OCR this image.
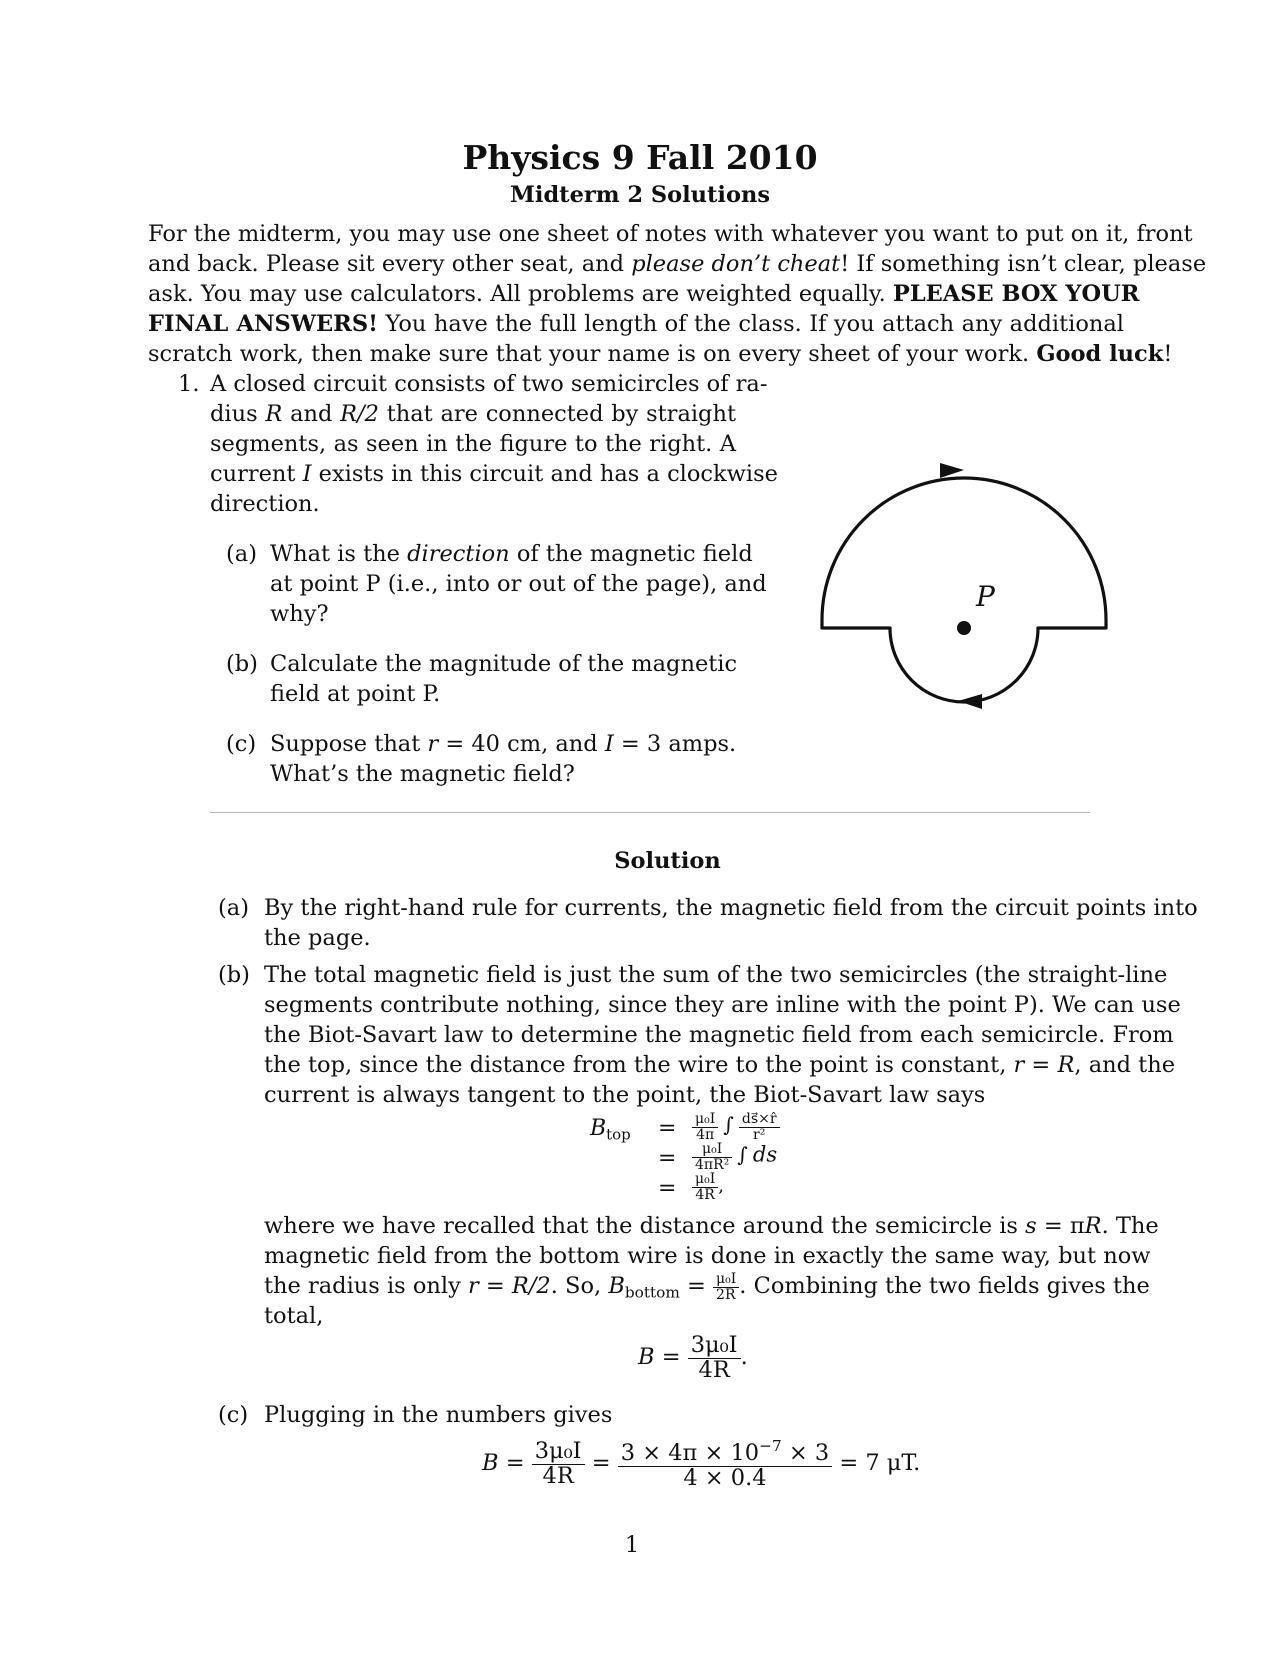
Physics 9 Fall 2010
Midterm 2 Solutions
For the midterm, you may use one sheet of notes with whatever you want to put on it, front
and back. Please sit every other seat, and please don’t cheat! If something isn’t clear, please
ask. You may use calculators. All problems are weighted equally. PLEASE BOX YOUR
FINAL ANSWERS! You have the full length of the class. If you attach any additional
scratch work, then make sure that your name is on every sheet of your work. Good luck!
1. A closed circuit consists of two semicircles of ra-
dius R and R/2 that are connected by straight
segments, as seen in the figure to the right. A
current I exists in this circuit and has a clockwise
direction.
(a) What is the direction of the magnetic field
at point P (i.e., into or out of the page), and
why?
(b) Calculate the magnitude of the magnetic
field at point P.
(c) Suppose that r = 40 cm, and I = 3 amps.
What’s the magnetic field?
P
Solution
(a) By the right-hand rule for currents, the magnetic field from the circuit points into
the page.
(b) The total magnetic field is just the sum of the two semicircles (the straight-line
segments contribute nothing, since they are inline with the point P). We can use
the Biot-Savart law to determine the magnetic field from each semicircle. From
the top, since the distance from the wire to the point is constant, r = R, and the
current is always tangent to the point, the Biot-Savart law says
$B_{top}$ =
=
=
$\frac{\text{μ₀I}}{4\pi}$ ∫ $\frac{ds⃗\times r̂}{\text{r²}}$
$\frac{\text{μ₀I}}{\text{4πR²}}$ ∫ ds
$\frac{\text{μ₀I}}{4R}$ ,
where we have recalled that the distance around the semicircle is s = πR. The
magnetic field from the bottom wire is done in exactly the same way, but now
the radius is only r = R/2. So, $B_{bottom} = \frac{\text{μ₀I}}{2R}$ . Combining the two fields gives the
total,
$B = \frac{\text{3μ₀I}}{4R}$ .
(c) Plugging in the numbers gives
$B = \frac{\text{3μ₀I}}{4R} = \frac{3 \times 4\pi \times 10^{-7} \times 3}{4 \times 0.4} = 7$ μT.
1
